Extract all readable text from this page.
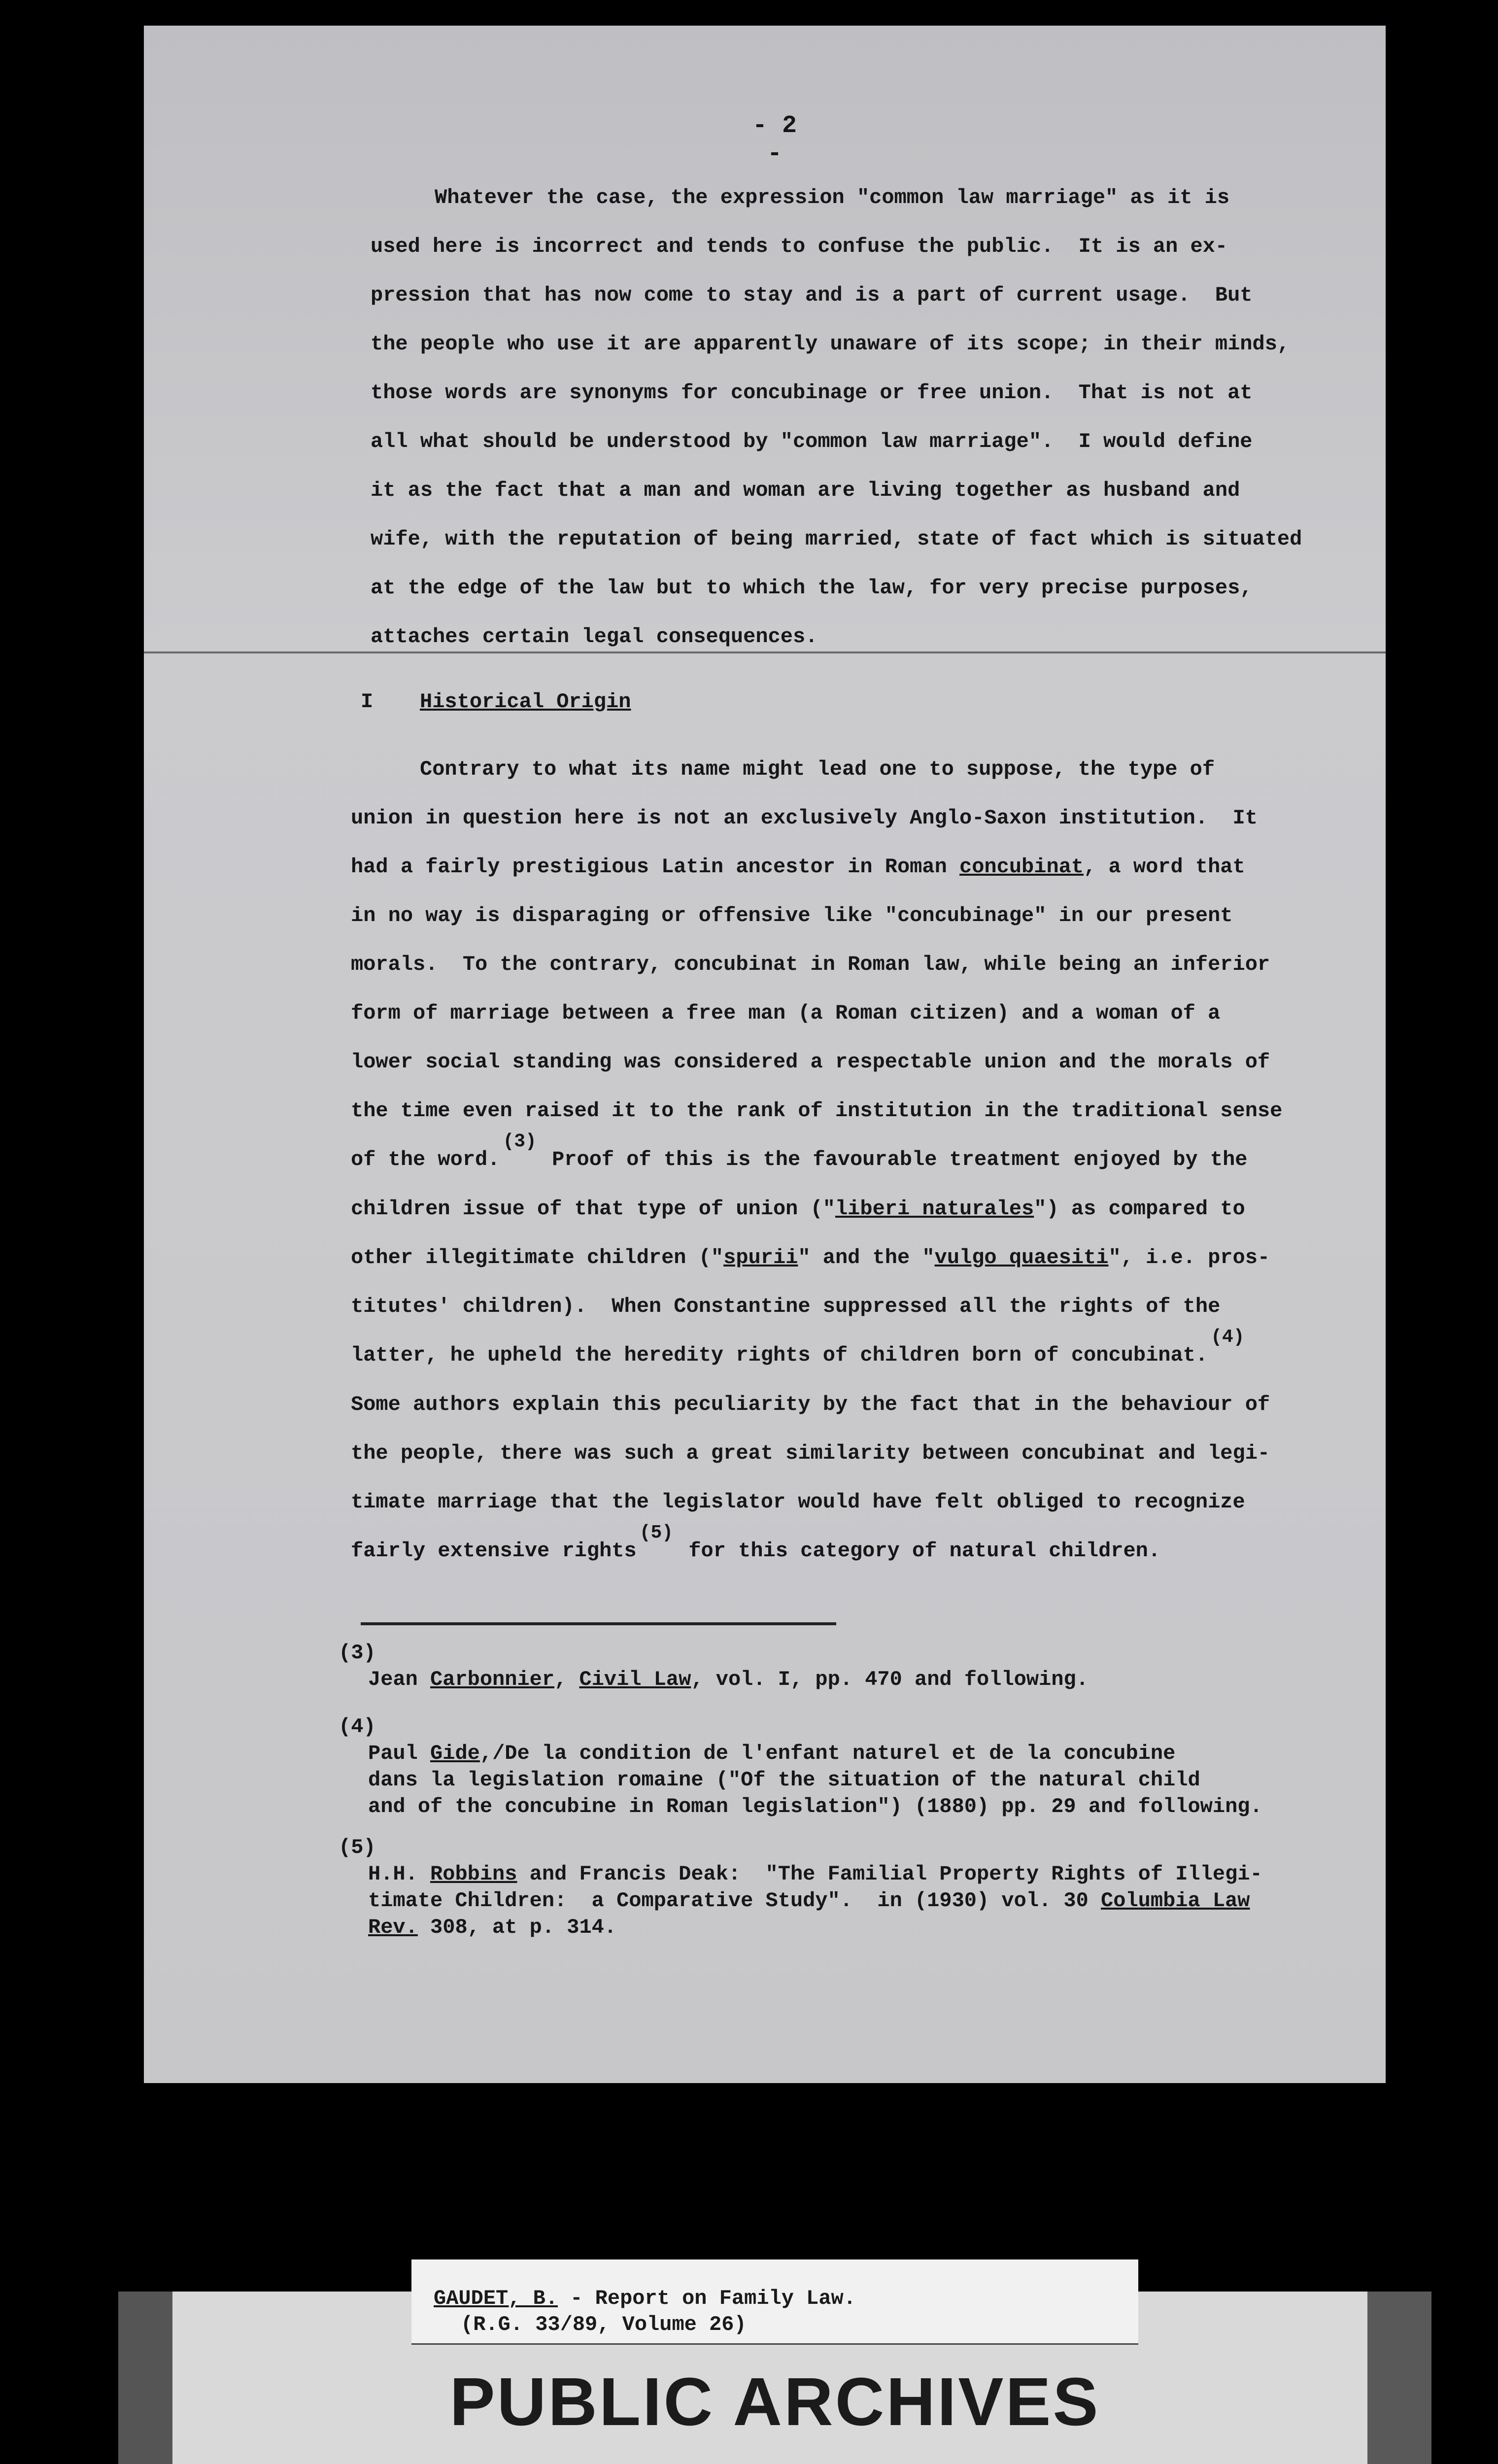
- 2 -
Whatever the case, the expression "common law marriage" as it is
used here is incorrect and tends to confuse the public.  It is an ex-
pression that has now come to stay and is a part of current usage.  But
the people who use it are apparently unaware of its scope; in their minds,
those words are synonyms for concubinage or free union.  That is not at
all what should be understood by "common law marriage".  I would define
it as the fact that a man and woman are living together as husband and
wife, with the reputation of being married, state of fact which is situated
at the edge of the law but to which the law, for very precise purposes,
attaches certain legal consequences.
I Historical Origin
Contrary to what its name might lead one to suppose, the type of
union in question here is not an exclusively Anglo-Saxon institution.  It
had a fairly prestigious Latin ancestor in Roman concubinat, a word that
in no way is disparaging or offensive like "concubinage" in our present
morals.  To the contrary, concubinat in Roman law, while being an inferior
form of marriage between a free man (a Roman citizen) and a woman of a
lower social standing was considered a respectable union and the morals of
the time even raised it to the rank of institution in the traditional sense
of the word.(3) Proof of this is the favourable treatment enjoyed by the
children issue of that type of union ("liberi naturales") as compared to
other illegitimate children ("spurii" and the "vulgo quaesiti", i.e. pros-
titutes' children).  When Constantine suppressed all the rights of the
latter, he upheld the heredity rights of children born of concubinat.(4)
Some authors explain this peculiarity by the fact that in the behaviour of
the people, there was such a great similarity between concubinat and legi-
timate marriage that the legislator would have felt obliged to recognize
fairly extensive rights(5) for this category of natural children.
(3)
Jean Carbonnier, Civil Law, vol. I, pp. 470 and following.
(4)
Paul Gide,/De la condition de l'enfant naturel et de la concubine
dans la legislation romaine ("Of the situation of the natural child
and of the concubine in Roman legislation") (1880) pp. 29 and following.
(5)
H.H. Robbins and Francis Deak:  "The Familial Property Rights of Illegi-
timate Children:  a Comparative Study".  in (1930) vol. 30 Columbia Law
Rev. 308, at p. 314.
GAUDET, B. - Report on Family Law.
(R.G. 33/89, Volume 26)
PUBLIC ARCHIVES
